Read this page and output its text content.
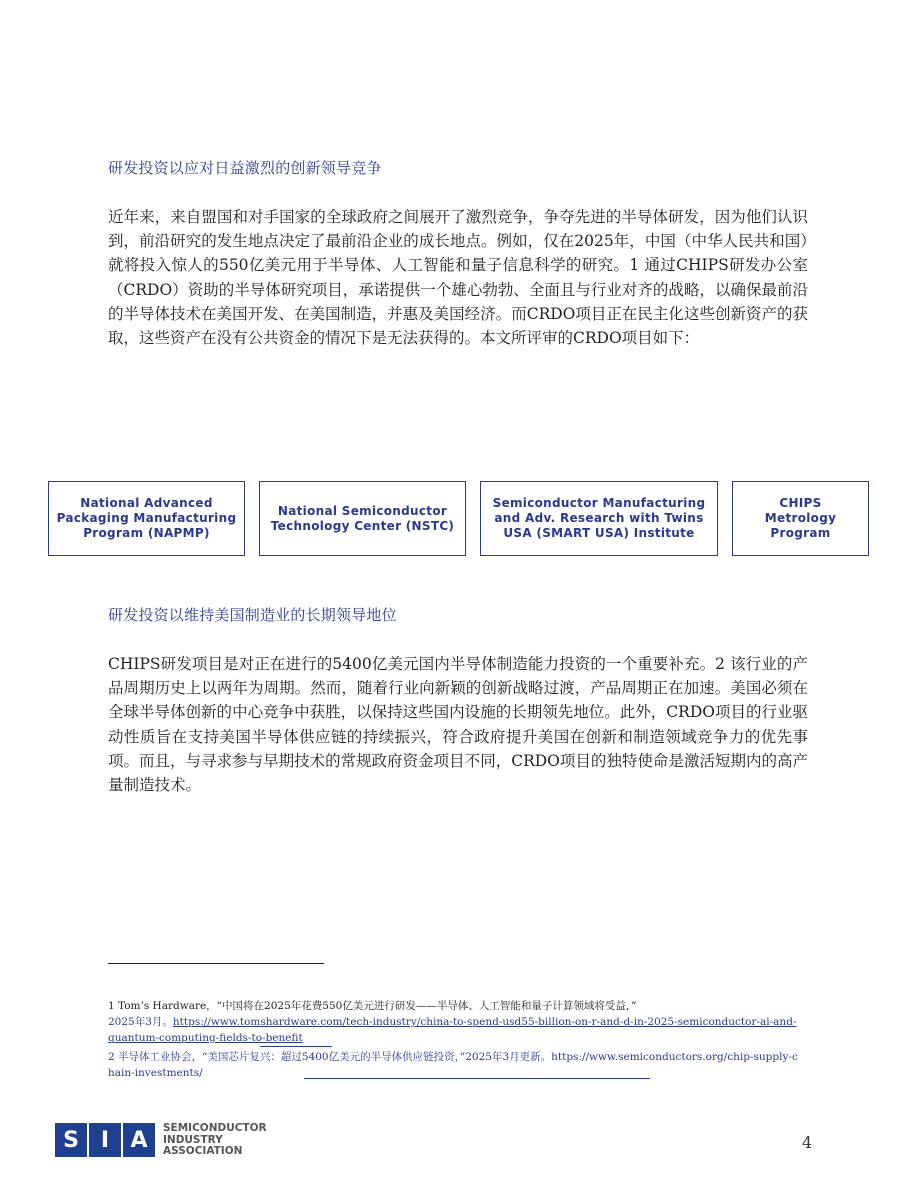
研发投资以应对日益激烈的创新领导竞争
近年来，来自盟国和对手国家的全球政府之间展开了激烈竞争，争夺先进的半导体研发，因为他们认识到，前沿研究的发生地点决定了最前沿企业的成长地点。例如，仅在2025年，中国（中华人民共和国）就将投入惊人的550亿美元用于半导体、人工智能和量子信息科学的研究。1 通过CHIPS研发办公室（CRDO）资助的半导体研究项目，承诺提供一个雄心勃勃、全面且与行业对齐的战略，以确保最前沿的半导体技术在美国开发、在美国制造，并惠及美国经济。而CRDO项目正在民主化这些创新资产的获取，这些资产在没有公共资金的情况下是无法获得的。本文所评审的CRDO项目如下：
National Advanced
Packaging Manufacturing
Program (NAPMP)
National Semiconductor
Technology Center (NSTC)
Semiconductor Manufacturing
and Adv. Research with Twins
USA (SMART USA) Institute
CHIPS
Metrology
Program
研发投资以维持美国制造业的长期领导地位
CHIPS研发项目是对正在进行的5400亿美元国内半导体制造能力投资的一个重要补充。2 该行业的产品周期历史上以两年为周期。然而，随着行业向新颖的创新战略过渡，产品周期正在加速。美国必须在全球半导体创新的中心竞争中获胜，以保持这些国内设施的长期领先地位。此外，CRDO项目的行业驱动性质旨在支持美国半导体供应链的持续振兴，符合政府提升美国在创新和制造领域竞争力的优先事项。而且，与寻求参与早期技术的常规政府资金项目不同，CRDO项目的独特使命是激活短期内的高产量制造技术。
1 Tom’s Hardware，“中国将在2025年花费550亿美元进行研发——半导体、人工智能和量子计算领域将受益，”
2025年3月。https://www.tomshardware.com/tech-industry/china-to-spend-usd55-billion-on-r-and-d-in-2025-semiconductor-ai-and-quantum-computing-fields-to-benefit
2 半导体工业协会，“美国芯片复兴：超过5400亿美元的半导体供应链投资，”2025年3月更新。https://www.semiconductors.org/chip-supply-chain-investments/
S I A	SEMICONDUCTOR
INDUSTRY
ASSOCIATION	4
